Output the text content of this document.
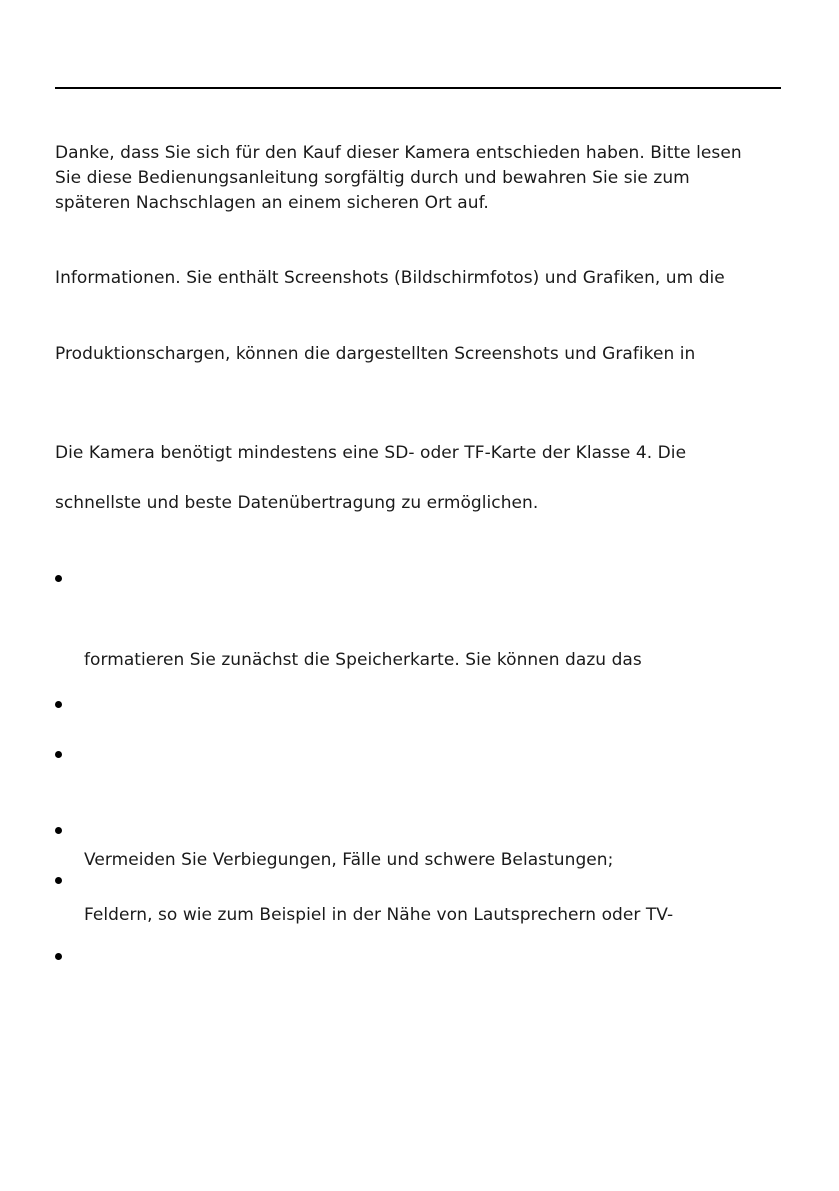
Danke, dass Sie sich für den Kauf dieser Kamera entschieden haben. Bitte lesen
Sie diese Bedienungsanleitung sorgfältig durch und bewahren Sie sie zum
späteren Nachschlagen an einem sicheren Ort auf.
Informationen. Sie enthält Screenshots (Bildschirmfotos) und Grafiken, um die
Produktionschargen, können die dargestellten Screenshots und Grafiken in
Die Kamera benötigt mindestens eine SD- oder TF-Karte der Klasse 4. Die
schnellste und beste Datenübertragung zu ermöglichen.
formatieren Sie zunächst die Speicherkarte. Sie können dazu das
Vermeiden Sie Verbiegungen, Fälle und schwere Belastungen;
Feldern, so wie zum Beispiel in der Nähe von Lautsprechern oder TV-
